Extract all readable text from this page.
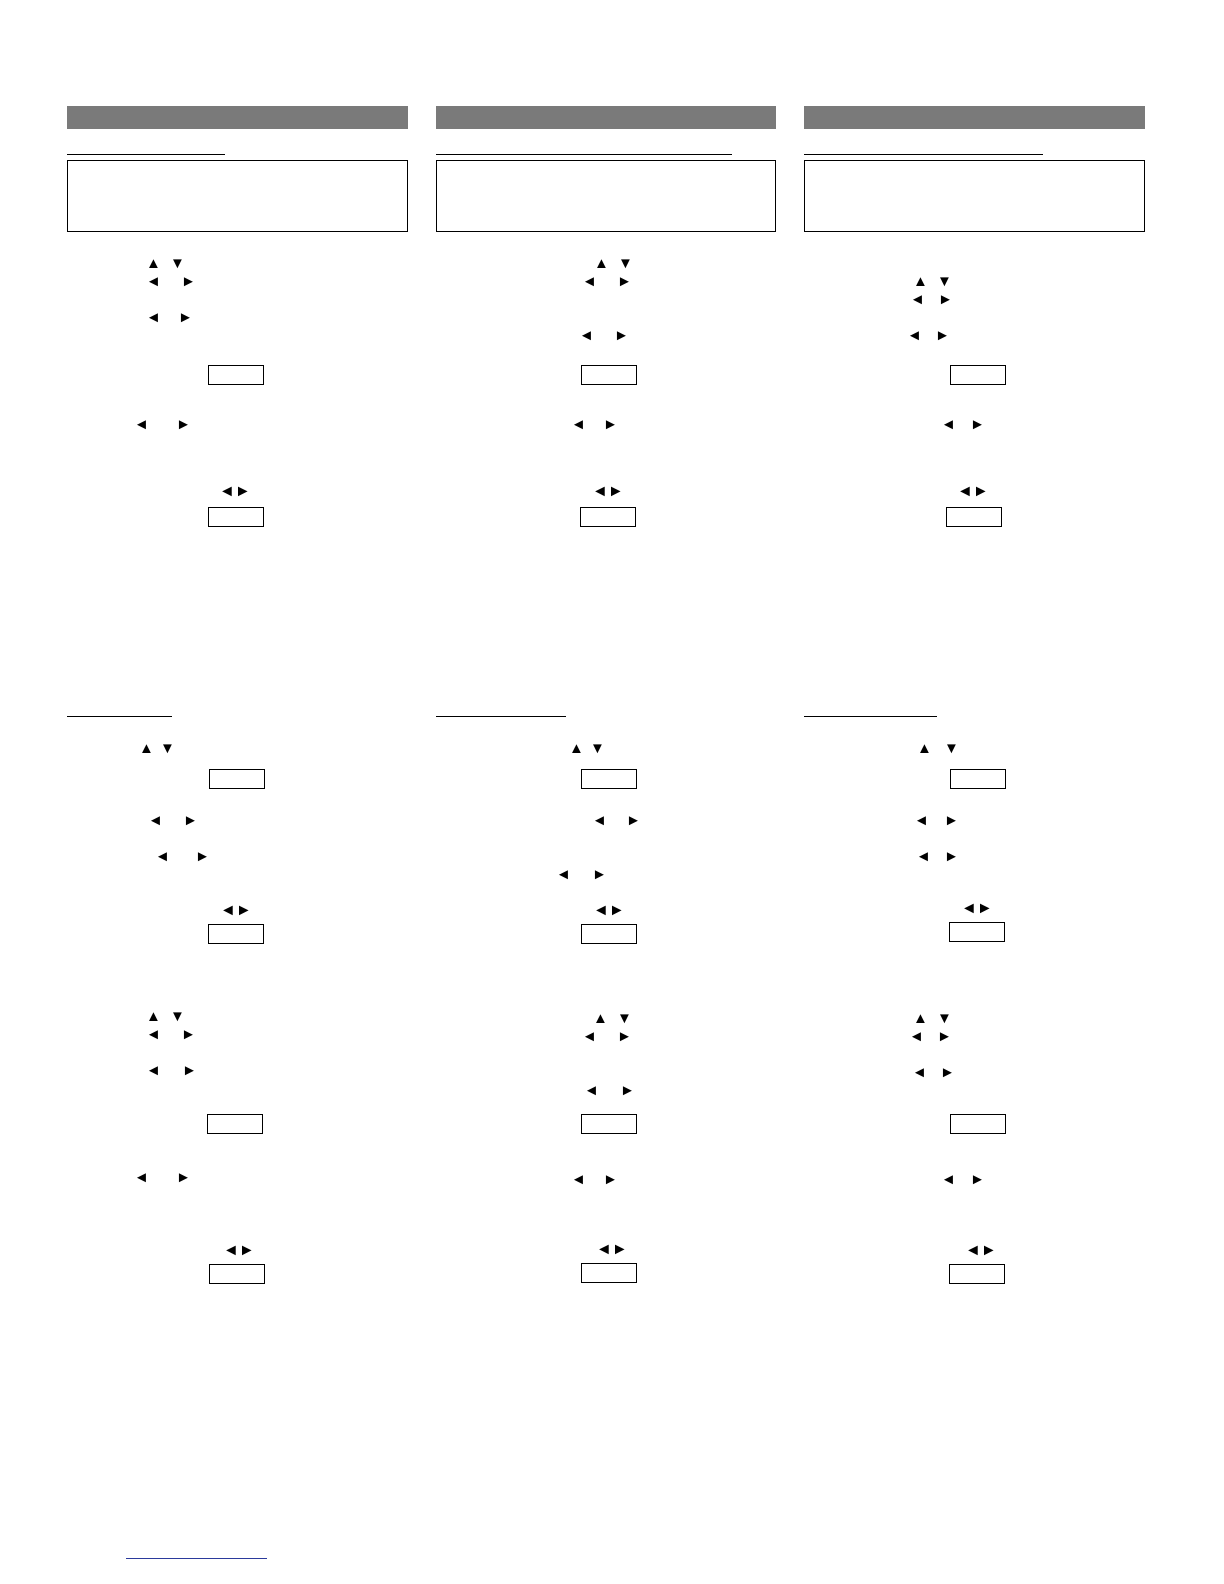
▲ ▼
◄ ►
◄ ►
◄ ►
◄►
▲ ▼
◄ ►
◄ ►
◄►
▲ ▼
◄ ►
◄ ►
◄ ►
◄►
▲ ▼
◄ ►
◄ ►
◄ ►
◄►
▲ ▼
◄ ►
◄ ►
◄►
▲ ▼
◄ ►
◄ ►
◄ ►
◄►
▲ ▼
◄ ►
◄ ►
◄ ►
◄►
▲ ▼
◄ ►
◄ ►
◄►
▲ ▼
◄ ►
◄ ►
◄ ►
◄►
